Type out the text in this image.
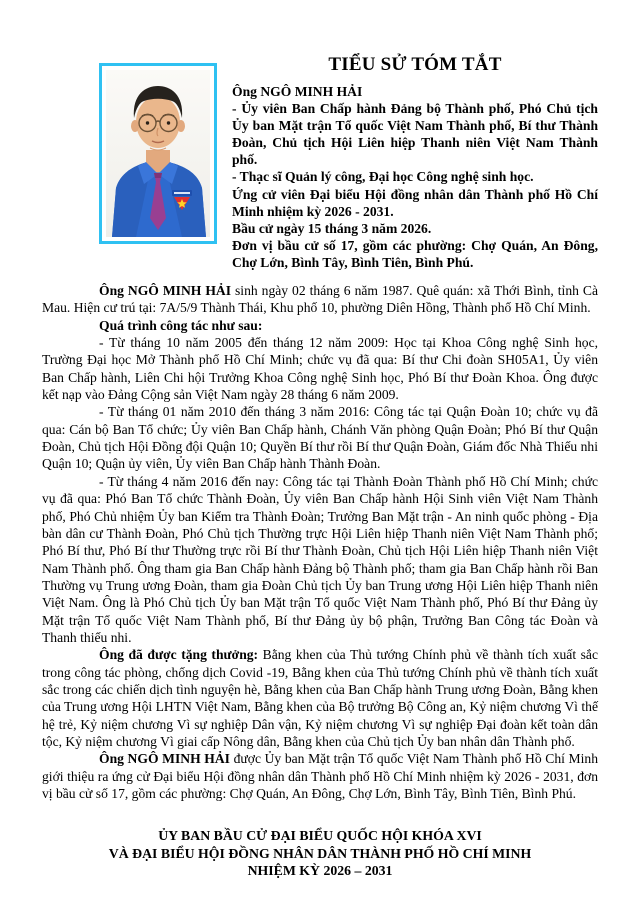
TIỂU SỬ TÓM TẮT

Ông NGÔ MINH HẢI

- Ủy viên Ban Chấp hành Đảng bộ Thành phố, Phó Chủ tịch Ủy ban Mặt trận Tổ quốc Việt Nam Thành phố, Bí thư Thành Đoàn, Chủ tịch Hội Liên hiệp Thanh niên Việt Nam Thành phố.

- Thạc sĩ Quản lý công, Đại học Công nghệ sinh học.

Ứng cử viên Đại biểu Hội đồng nhân dân Thành phố Hồ Chí Minh nhiệm kỳ 2026 - 2031.

Bầu cử ngày 15 tháng 3 năm 2026.

Đơn vị bầu cử số 17, gồm các phường: Chợ Quán, An Đông, Chợ Lớn, Bình Tây, Bình Tiên, Bình Phú.

Ông NGÔ MINH HẢI sinh ngày 02 tháng 6 năm 1987. Quê quán: xã Thới Bình, tỉnh Cà Mau. Hiện cư trú tại: 7A/5/9 Thành Thái, Khu phố 10, phường Diên Hồng, Thành phố Hồ Chí Minh.

Quá trình công tác như sau:

- Từ tháng 10 năm 2005 đến tháng 12 năm 2009: Học tại Khoa Công nghệ Sinh học, Trường Đại học Mở Thành phố Hồ Chí Minh; chức vụ đã qua: Bí thư Chi đoàn SH05A1, Ủy viên Ban Chấp hành, Liên Chi hội Trưởng Khoa Công nghệ Sinh học, Phó Bí thư Đoàn Khoa. Ông được kết nạp vào Đảng Cộng sản Việt Nam ngày 28 tháng 6 năm 2009.

- Từ tháng 01 năm 2010 đến tháng 3 năm 2016: Công tác tại Quận Đoàn 10; chức vụ đã qua: Cán bộ Ban Tổ chức; Ủy viên Ban Chấp hành, Chánh Văn phòng Quận Đoàn; Phó Bí thư Quận Đoàn, Chủ tịch Hội Đồng đội Quận 10; Quyền Bí thư rồi Bí thư Quận Đoàn, Giám đốc Nhà Thiếu nhi Quận 10; Quận ủy viên, Ủy viên Ban Chấp hành Thành Đoàn.

- Từ tháng 4 năm 2016 đến nay: Công tác tại Thành Đoàn Thành phố Hồ Chí Minh; chức vụ đã qua: Phó Ban Tổ chức Thành Đoàn, Ủy viên Ban Chấp hành Hội Sinh viên Việt Nam Thành phố, Phó Chủ nhiệm Ủy ban Kiểm tra Thành Đoàn; Trưởng Ban Mặt trận - An ninh quốc phòng - Địa bàn dân cư Thành Đoàn, Phó Chủ tịch Thường trực Hội Liên hiệp Thanh niên Việt Nam Thành phố; Phó Bí thư, Phó Bí thư Thường trực rồi Bí thư Thành Đoàn, Chủ tịch Hội Liên hiệp Thanh niên Việt Nam Thành phố. Ông tham gia Ban Chấp hành Đảng bộ Thành phố; tham gia Ban Chấp hành rồi Ban Thường vụ Trung ương Đoàn, tham gia Đoàn Chủ tịch Ủy ban Trung ương Hội Liên hiệp Thanh niên Việt Nam. Ông là Phó Chủ tịch Ủy ban Mặt trận Tổ quốc Việt Nam Thành phố, Phó Bí thư Đảng ủy Mặt trận Tổ quốc Việt Nam Thành phố, Bí thư Đảng ủy bộ phận, Trưởng Ban Công tác Đoàn và Thanh thiếu nhi.

Ông đã được tặng thưởng: Bằng khen của Thủ tướng Chính phủ về thành tích xuất sắc trong công tác phòng, chống dịch Covid -19, Bằng khen của Thủ tướng Chính phủ về thành tích xuất sắc trong các chiến dịch tình nguyện hè, Bằng khen của Ban Chấp hành Trung ương Đoàn, Bằng khen của Trung ương Hội LHTN Việt Nam, Bằng khen của Bộ trưởng Bộ Công an, Kỷ niệm chương Vì thế hệ trẻ, Kỷ niệm chương Vì sự nghiệp Dân vận, Kỷ niệm chương Vì sự nghiệp Đại đoàn kết toàn dân tộc, Kỷ niệm chương Vì giai cấp Nông dân, Bằng khen của Chủ tịch Ủy ban nhân dân Thành phố.

Ông NGÔ MINH HẢI được Ủy ban Mặt trận Tổ quốc Việt Nam Thành phố Hồ Chí Minh giới thiệu ra ứng cử Đại biểu Hội đồng nhân dân Thành phố Hồ Chí Minh nhiệm kỳ 2026 - 2031, đơn vị bầu cử số 17, gồm các phường: Chợ Quán, An Đông, Chợ Lớn, Bình Tây, Bình Tiên, Bình Phú.

ỦY BAN BẦU CỬ ĐẠI BIỂU QUỐC HỘI KHÓA XVI
VÀ ĐẠI BIỂU HỘI ĐỒNG NHÂN DÂN THÀNH PHỐ HỒ CHÍ MINH
NHIỆM KỲ 2026 – 2031
